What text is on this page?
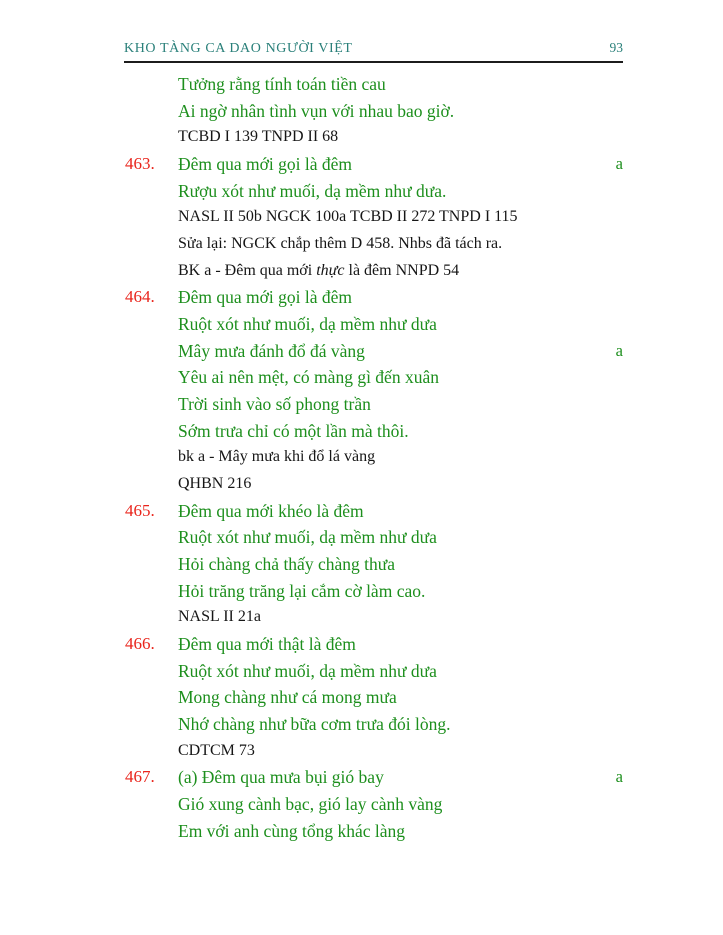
KHO TÀNG CA DAO NGƯỜI VIỆT	93
Tưởng rằng tính toán tiền cau
Ai ngờ nhân tình vụn với nhau bao giờ.
TCBD I 139 TNPD II 68
463. Đêm qua mới gọi là đêm	a
Rượu xót như muối, dạ mềm như dưa.
NASL II 50b NGCK 100a TCBD II 272 TNPD I 115
Sửa lại: NGCK chắp thêm D 458. Nhbs đã tách ra.
BK a - Đêm qua mới thực là đêm NNPD 54
464. Đêm qua mới gọi là đêm
Ruột xót như muối, dạ mềm như dưa
Mây mưa đánh đổ đá vàng	a
Yêu ai nên mệt, có màng gì đến xuân
Trời sinh vào số phong trần
Sớm trưa chỉ có một lần mà thôi.
bk a - Mây mưa khi đổ lá vàng
QHBN 216
465. Đêm qua mới khéo là đêm
Ruột xót như muối, dạ mềm như dưa
Hỏi chàng chả thấy chàng thưa
Hỏi trăng trăng lại cắm cờ làm cao.
NASL II 21a
466. Đêm qua mới thật là đêm
Ruột xót như muối, dạ mềm như dưa
Mong chàng như cá mong mưa
Nhớ chàng như bữa cơm trưa đói lòng.
CDTCM 73
467. (a) Đêm qua mưa bụi gió bay	a
Gió xung cành bạc, gió lay cành vàng
Em với anh cùng tổng khác làng
